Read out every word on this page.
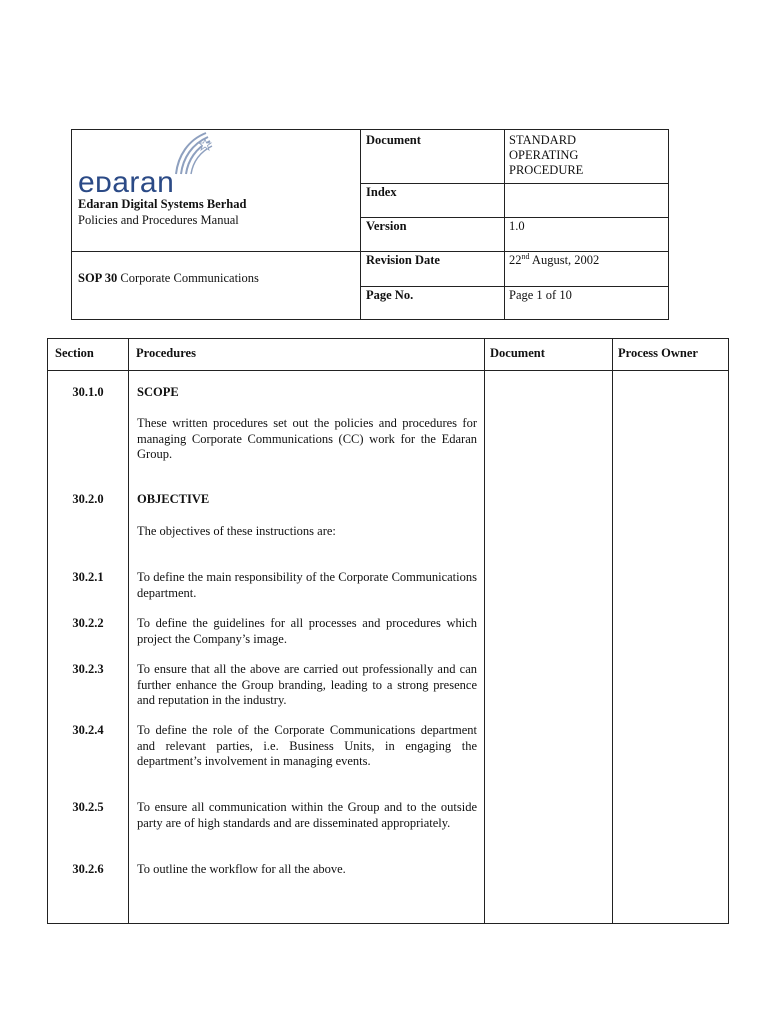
eᴅaran
Edaran Digital Systems Berhad
Policies and Procedures Manual
SOP 30 Corporate Communications
Document	STANDARD OPERATING PROCEDURE
Index
Version	1.0
Revision Date	22nd August, 2002
Page No.	Page 1 of 10
Section	Procedures	Document	Process Owner
30.1.0	SCOPE
These written procedures set out the policies and procedures for managing Corporate Communications (CC) work for the Edaran Group.
30.2.0	OBJECTIVE
The objectives of these instructions are:
30.2.1	To define the main responsibility of the Corporate Communications department.
30.2.2	To define the guidelines for all processes and procedures which project the Company’s image.
30.2.3	To ensure that all the above are carried out professionally and can further enhance the Group branding, leading to a strong presence and reputation in the industry.
30.2.4	To define the role of the Corporate Communications department and relevant parties, i.e. Business Units, in engaging the department’s involvement in managing events.
30.2.5	To ensure all communication within the Group and to the outside party are of high standards and are disseminated appropriately.
30.2.6	To outline the workflow for all the above.
